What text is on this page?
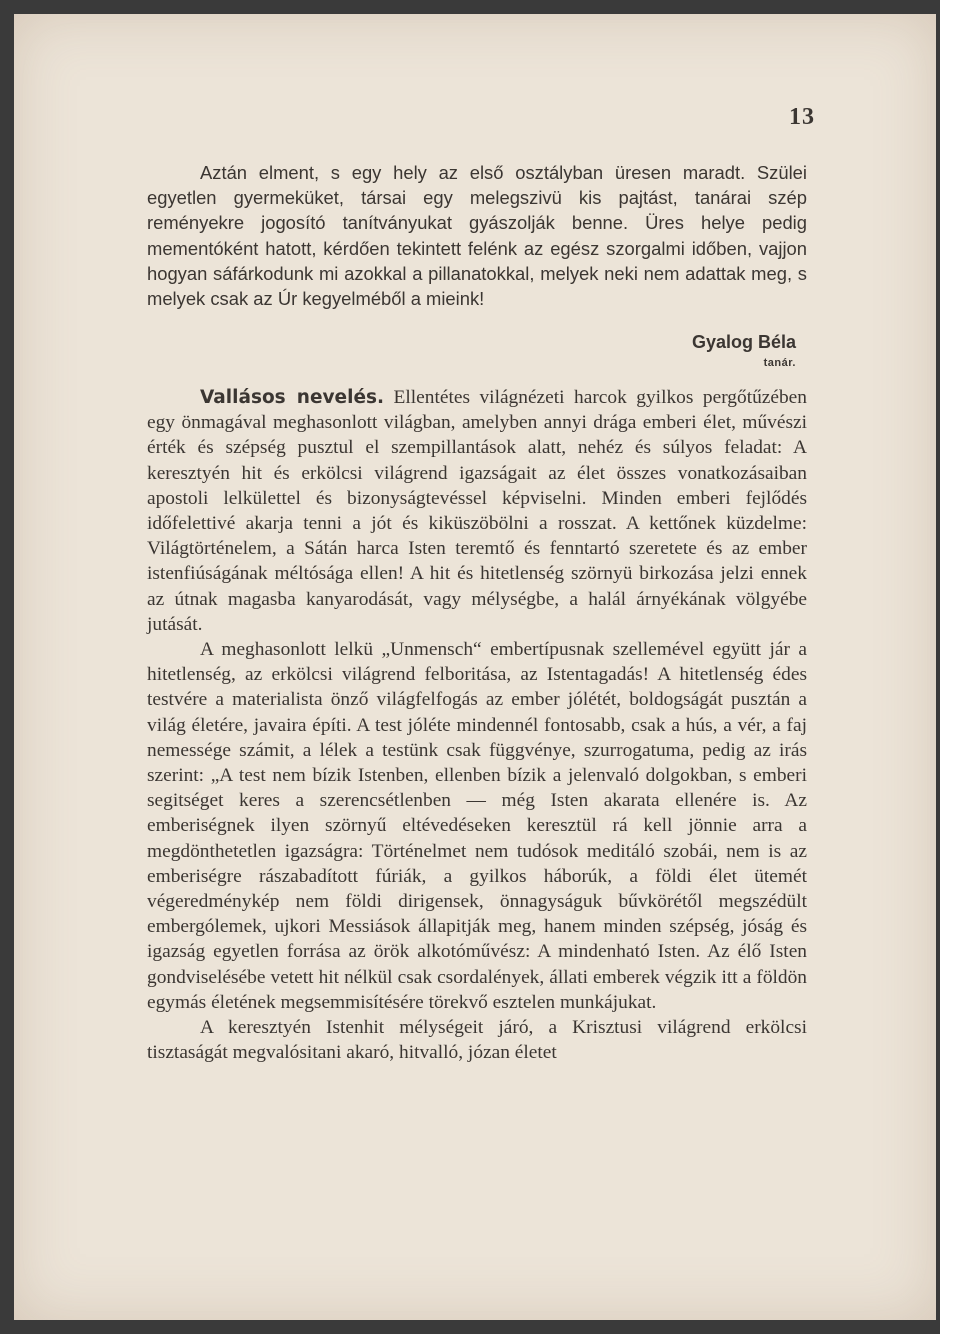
13

Aztán elment, s egy hely az első osztályban üresen maradt. Szülei egyetlen gyermeküket, társai egy melegszivü kis pajtást, tanárai szép reményekre jogosító tanítványukat gyászolják benne. Üres helye pedig mementóként hatott, kérdően tekintett felénk az egész szorgalmi időben, vajjon hogyan sáfárkodunk mi azokkal a pillanatokkal, melyek neki nem adattak meg, s melyek csak az Úr kegyelméből a mieink!

Gyalog Béla
tanár.

Vallásos nevelés. Ellentétes világnézeti harcok gyilkos pergőtűzében egy önmagával meghasonlott világban, amelyben annyi drága emberi élet, művészi érték és szépség pusztul el szempillantások alatt, nehéz és súlyos feladat: A keresztyén hit és erkölcsi világrend igazságait az élet összes vonatkozásaiban apostoli lelkülettel és bizonyságtevéssel képviselni. Minden emberi fejlődés időfelettivé akarja tenni a jót és kiküszöbölni a rosszat. A kettőnek küzdelme: Világtörténelem, a Sátán harca Isten teremtő és fenntartó szeretete és az ember istenfiúságának méltósága ellen! A hit és hitetlenség szörnyü birkozása jelzi ennek az útnak magasba kanyarodását, vagy mélységbe, a halál árnyékának völgyébe jutását.

A meghasonlott lelkü „Unmensch“ embertípusnak szellemével együtt jár a hitetlenség, az erkölcsi világrend felboritása, az Istentagadás! A hitetlenség édes testvére a materialista önző világfelfogás az ember jólétét, boldogságát pusztán a világ életére, javaira építi. A test jóléte mindennél fontosabb, csak a hús, a vér, a faj nemessége számit, a lélek a testünk csak függvénye, szurrogatuma, pedig az irás szerint: „A test nem bízik Istenben, ellenben bízik a jelenvaló dolgokban, s emberi segitséget keres a szerencsétlenben — még Isten akarata ellenére is. Az emberiségnek ilyen szörnyű eltévedéseken keresztül rá kell jönnie arra a megdönthetetlen igazságra: Történelmet nem tudósok meditáló szobái, nem is az emberiségre rászabadított fúriák, a gyilkos háborúk, a földi élet ütemét végeredménykép nem földi dirigensek, önnagyságuk bűvkörétől megszédült embergólemek, ujkori Messiások állapitják meg, hanem minden szépség, jóság és igazság egyetlen forrása az örök alkotóművész: A mindenható Isten. Az élő Isten gondviselésébe vetett hit nélkül csak csordalények, állati emberek végzik itt a földön egymás életének megsemmisítésére törekvő esztelen munkájukat.

A keresztyén Istenhit mélységeit járó, a Krisztusi világrend erkölcsi tisztaságát megvalósitani akaró, hitvalló, józan életet
